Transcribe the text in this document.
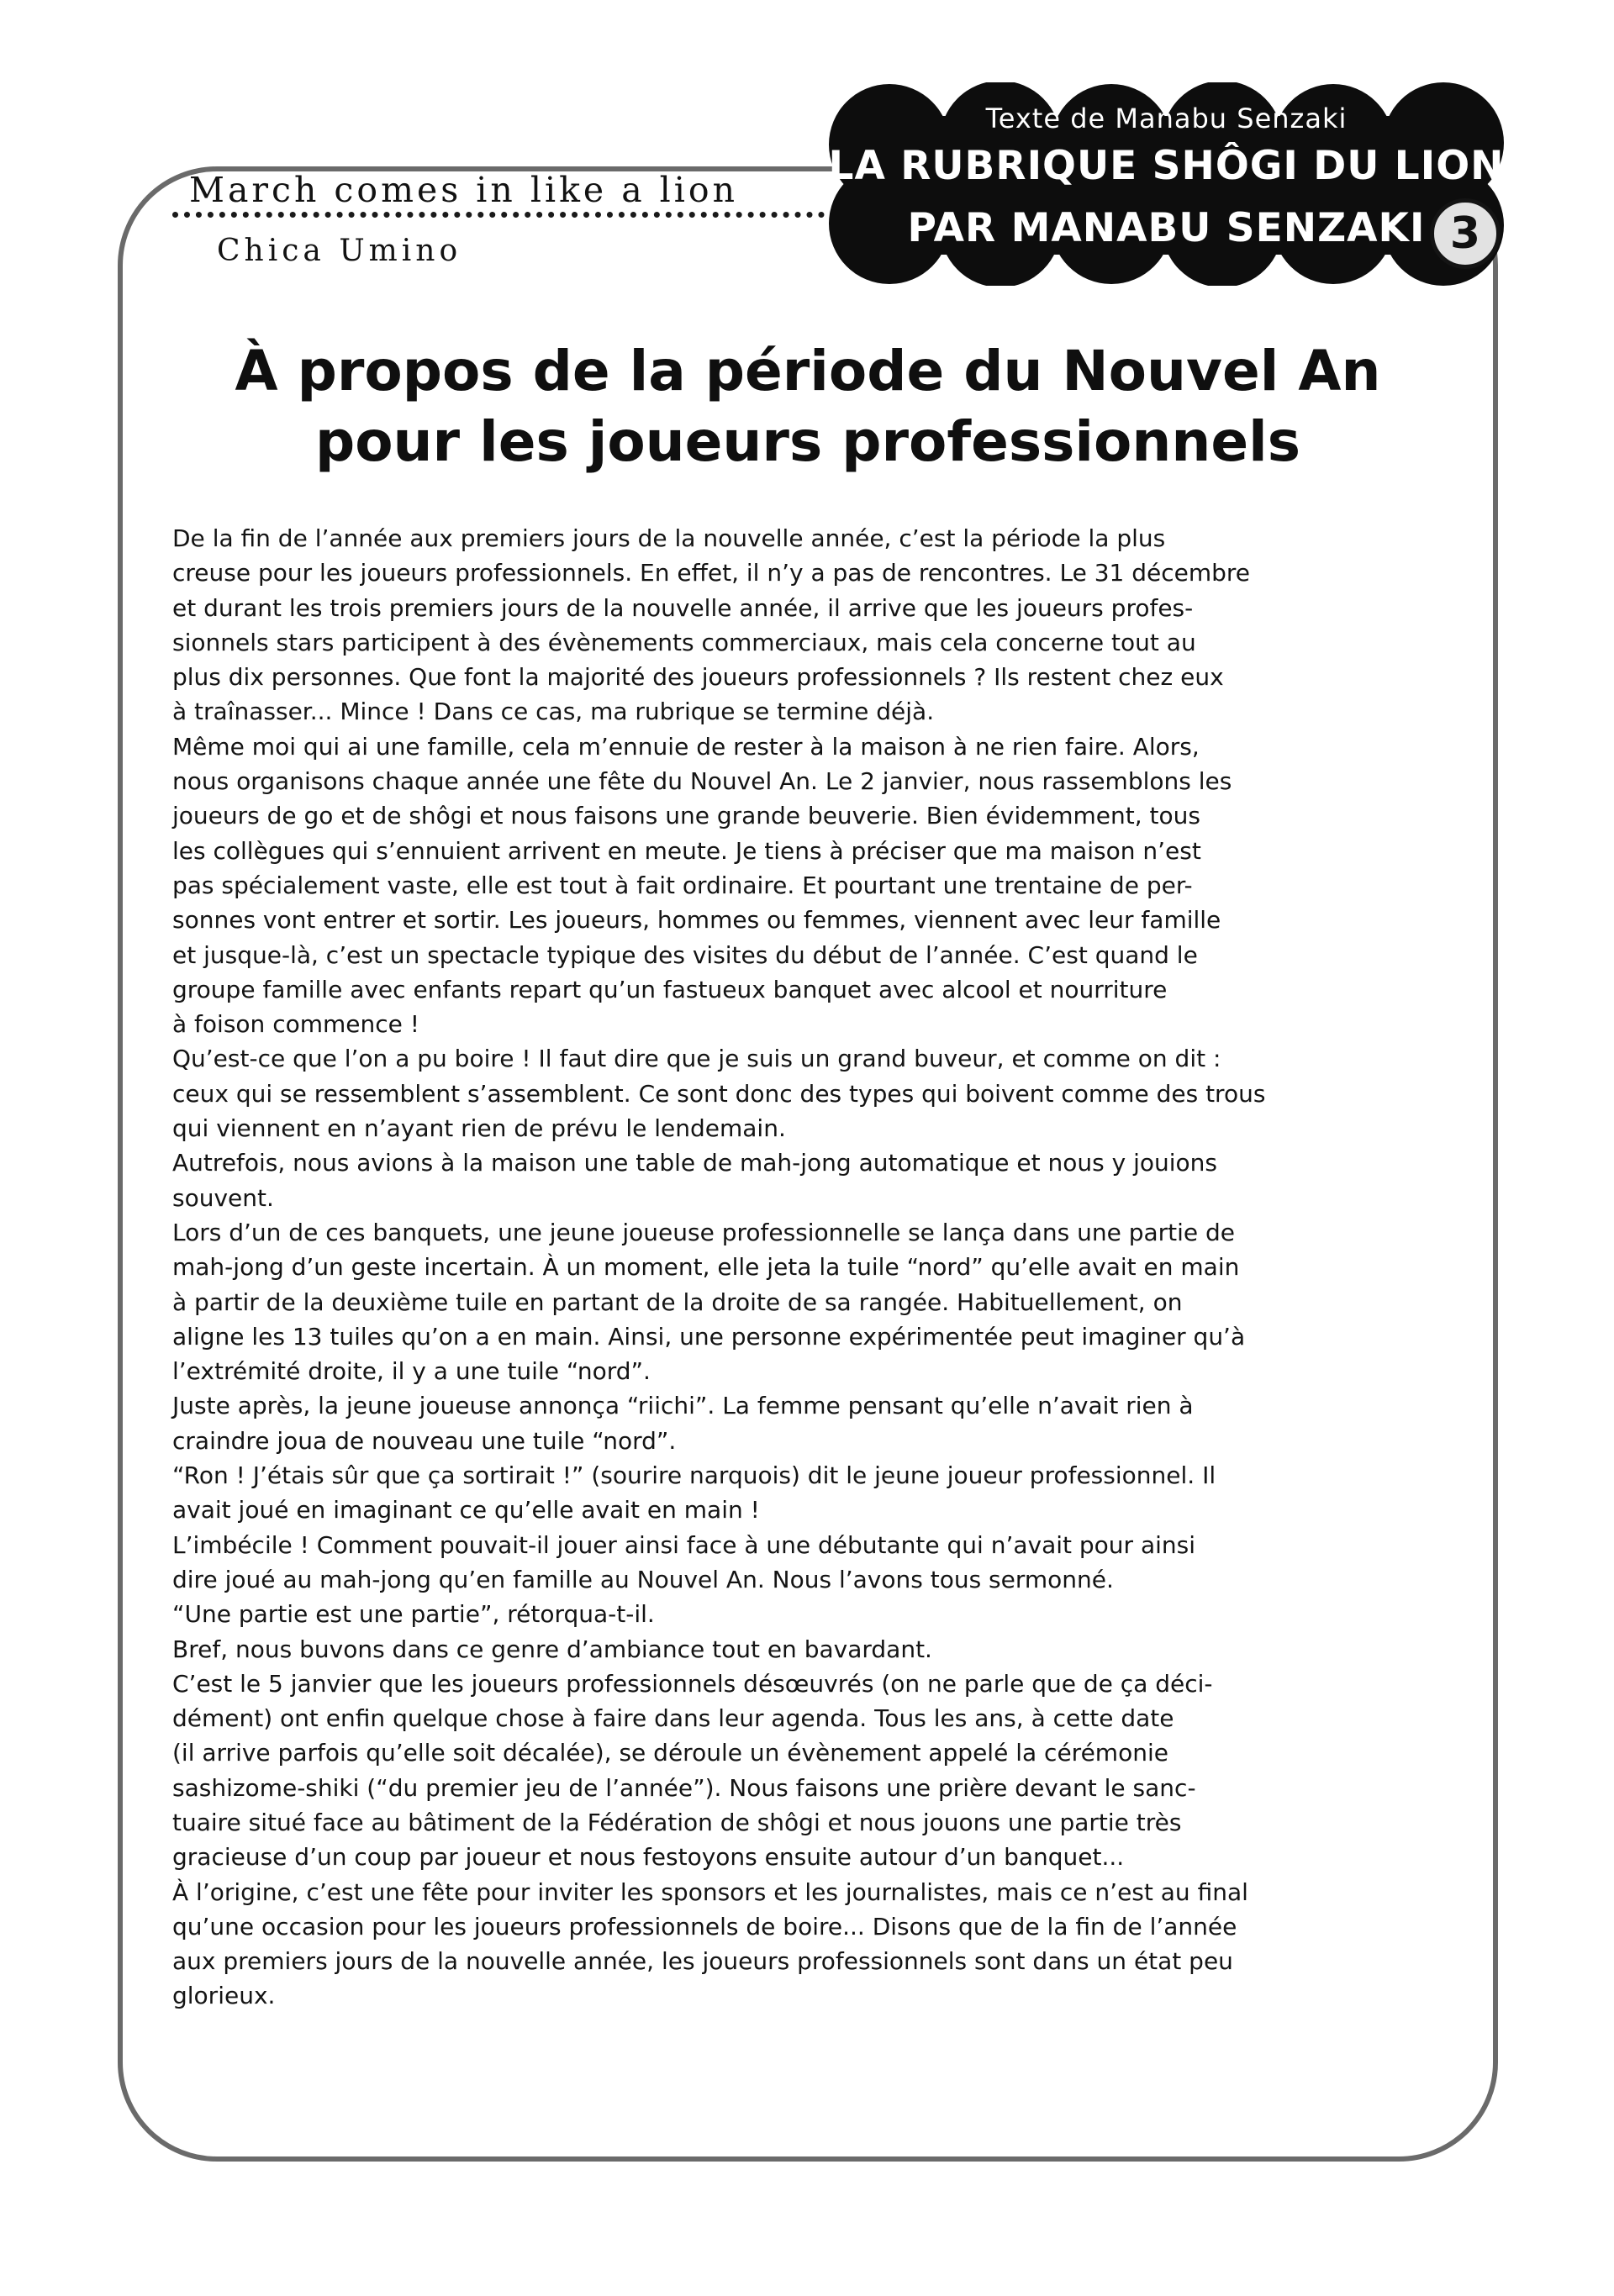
March comes in like a lion
Chica Umino
Texte de Manabu Senzaki
LA RUBRIQUE SHÔGI DU LION
PAR MANABU SENZAKI 3
À propos de la période du Nouvel An
pour les joueurs professionnels
De la fin de l’année aux premiers jours de la nouvelle année, c’est la période la plus
creuse pour les joueurs professionnels. En effet, il n’y a pas de rencontres. Le 31 décembre
et durant les trois premiers jours de la nouvelle année, il arrive que les joueurs profes-
sionnels stars participent à des évènements commerciaux, mais cela concerne tout au
plus dix personnes. Que font la majorité des joueurs professionnels ? Ils restent chez eux
à traînasser... Mince ! Dans ce cas, ma rubrique se termine déjà.
Même moi qui ai une famille, cela m’ennuie de rester à la maison à ne rien faire. Alors,
nous organisons chaque année une fête du Nouvel An. Le 2 janvier, nous rassemblons les
joueurs de go et de shôgi et nous faisons une grande beuverie. Bien évidemment, tous
les collègues qui s’ennuient arrivent en meute. Je tiens à préciser que ma maison n’est
pas spécialement vaste, elle est tout à fait ordinaire. Et pourtant une trentaine de per-
sonnes vont entrer et sortir. Les joueurs, hommes ou femmes, viennent avec leur famille
et jusque-là, c’est un spectacle typique des visites du début de l’année. C’est quand le
groupe famille avec enfants repart qu’un fastueux banquet avec alcool et nourriture
à foison commence !
Qu’est-ce que l’on a pu boire ! Il faut dire que je suis un grand buveur, et comme on dit :
ceux qui se ressemblent s’assemblent. Ce sont donc des types qui boivent comme des trous
qui viennent en n’ayant rien de prévu le lendemain.
Autrefois, nous avions à la maison une table de mah-jong automatique et nous y jouions
souvent.
Lors d’un de ces banquets, une jeune joueuse professionnelle se lança dans une partie de
mah-jong d’un geste incertain. À un moment, elle jeta la tuile “nord” qu’elle avait en main
à partir de la deuxième tuile en partant de la droite de sa rangée. Habituellement, on
aligne les 13 tuiles qu’on a en main. Ainsi, une personne expérimentée peut imaginer qu’à
l’extrémité droite, il y a une tuile “nord”.
Juste après, la jeune joueuse annonça “riichi”. La femme pensant qu’elle n’avait rien à
craindre joua de nouveau une tuile “nord”.
“Ron ! J’étais sûr que ça sortirait !” (sourire narquois) dit le jeune joueur professionnel. Il
avait joué en imaginant ce qu’elle avait en main !
L’imbécile ! Comment pouvait-il jouer ainsi face à une débutante qui n’avait pour ainsi
dire joué au mah-jong qu’en famille au Nouvel An. Nous l’avons tous sermonné.
“Une partie est une partie”, rétorqua-t-il.
Bref, nous buvons dans ce genre d’ambiance tout en bavardant.
C’est le 5 janvier que les joueurs professionnels désœuvrés (on ne parle que de ça déci-
dément) ont enfin quelque chose à faire dans leur agenda. Tous les ans, à cette date
(il arrive parfois qu’elle soit décalée), se déroule un évènement appelé la cérémonie
sashizome-shiki (“du premier jeu de l’année”). Nous faisons une prière devant le sanc-
tuaire situé face au bâtiment de la Fédération de shôgi et nous jouons une partie très
gracieuse d’un coup par joueur et nous festoyons ensuite autour d’un banquet...
À l’origine, c’est une fête pour inviter les sponsors et les journalistes, mais ce n’est au final
qu’une occasion pour les joueurs professionnels de boire... Disons que de la fin de l’année
aux premiers jours de la nouvelle année, les joueurs professionnels sont dans un état peu
glorieux.
